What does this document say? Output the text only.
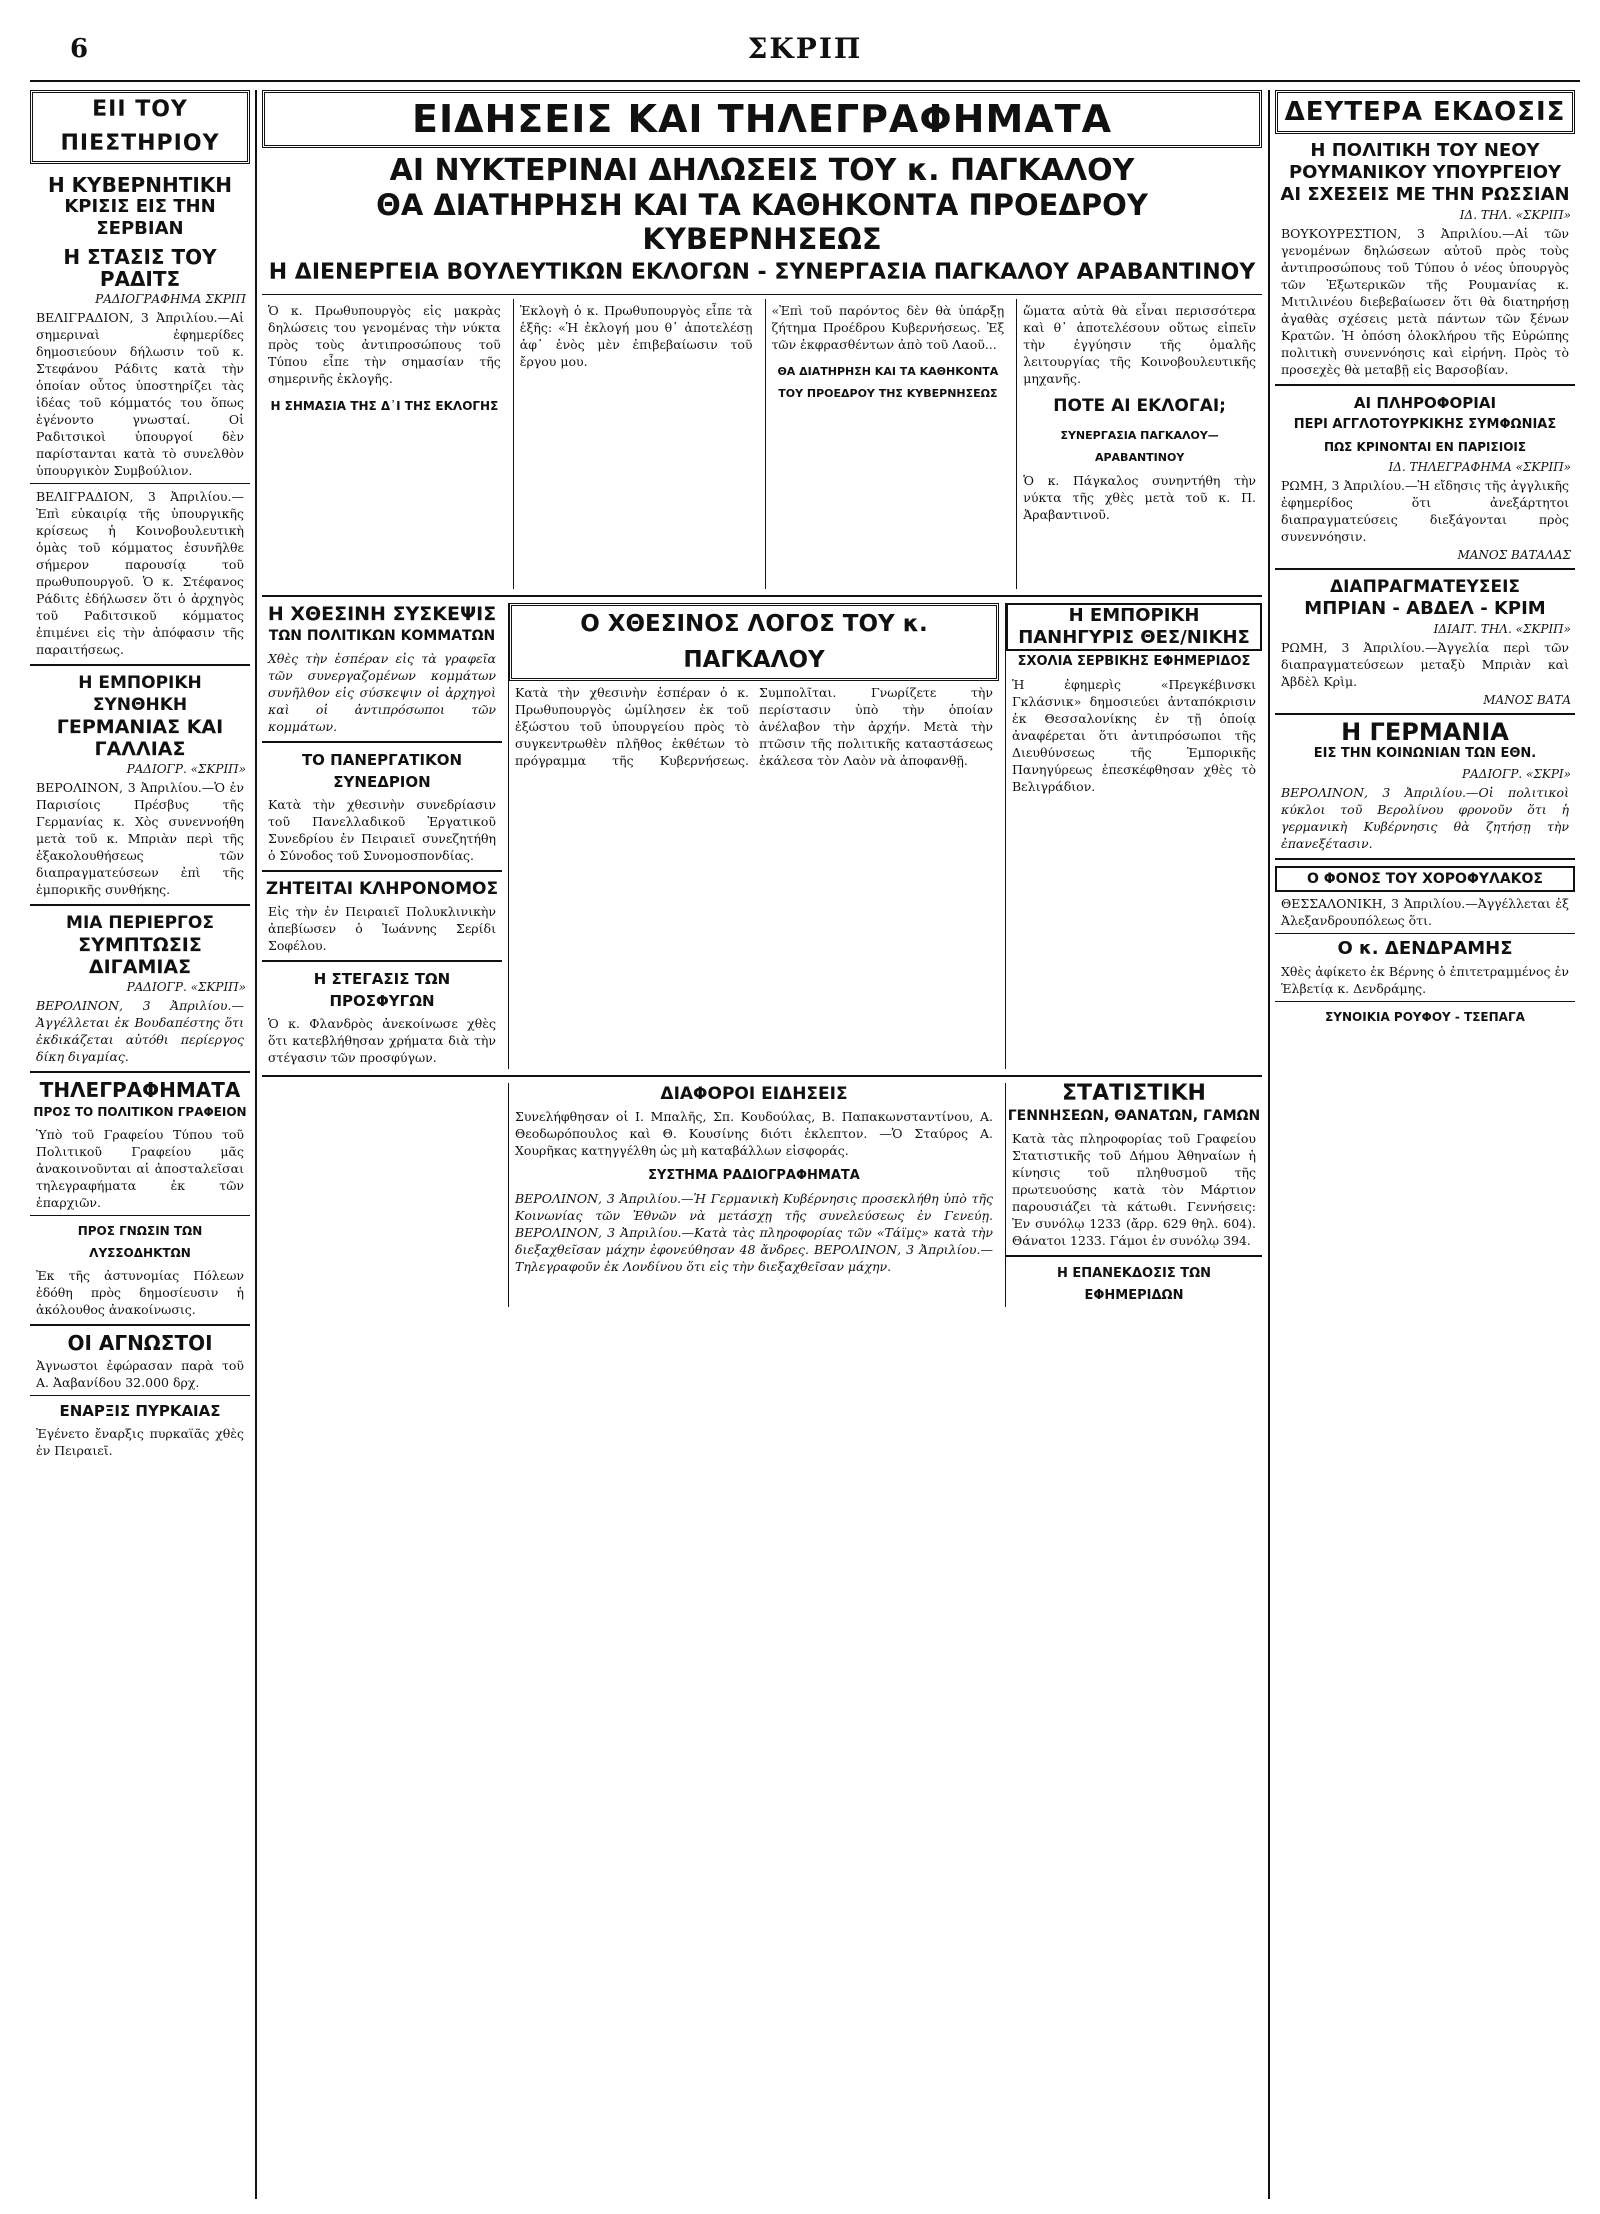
6	ΣΚΡΙΠ
ΕΙΙ ΤΟΥ ΠΙΕΣΤΗΡΙΟΥ
Η ΚΥΒΕΡΝΗΤΙΚΗ
ΚΡΙΣΙΣ ΕΙΣ ΤΗΝ ΣΕΡΒΙΑΝ
Η ΣΤΑΣΙΣ ΤΟΥ ΡΑΔΙΤΣ
ΡΑΔΙΟΓΡΑΦΗΜΑ ΣΚΡΙΠ
ΒΕΛΙΓΡΑΔΙΟΝ, 3 Ἀπριλίου.—Αἱ σημεριναὶ ἐφημερίδες δημοσιεύουν δήλωσιν τοῦ κ. Στεφάνου Ράδιτς κατὰ τὴν ὁποίαν οὗτος ὑποστηρίζει τὰς ἰδέας τοῦ κόμματός του ὅπως ἐγένοντο γνωσταί. Οἱ Ραδιτσικοὶ ὑπουργοί δὲν παρίστανται κατὰ τὸ συνελθὸν ὑπουργικὸν Συμβούλιον.
ΒΕΛΙΓΡΑΔΙΟΝ, 3 Ἀπριλίου.—Ἐπὶ εὐκαιρίᾳ τῆς ὑπουργικῆς κρίσεως ἡ Κοινοβουλευτικὴ ὁμὰς τοῦ κόμματος ἐσυνῆλθε σήμερον παρουσίᾳ τοῦ πρωθυπουργοῦ. Ὁ κ. Στέφανος Ράδιτς ἐδήλωσεν ὅτι ὁ ἀρχηγὸς τοῦ Ραδιτσικοῦ κόμματος ἐπιμένει εἰς τὴν ἀπόφασιν τῆς παραιτήσεως.
Η ΕΜΠΟΡΙΚΗ ΣΥΝΘΗΚΗ
ΓΕΡΜΑΝΙΑΣ ΚΑΙ ΓΑΛΛΙΑΣ
ΡΑΔΙΟΓΡ. «ΣΚΡΙΠ»
ΒΕΡΟΛΙΝΟΝ, 3 Ἀπριλίου.—Ὁ ἐν Παρισίοις Πρέσβυς τῆς Γερμανίας κ. Χὸς συνεννοήθη μετὰ τοῦ κ. Μπριὰν περὶ τῆς ἐξακολουθήσεως τῶν διαπραγματεύσεων ἐπὶ τῆς ἐμπορικῆς συνθήκης.
ΜΙΑ ΠΕΡΙΕΡΓΟΣ
ΣΥΜΠΤΩΣΙΣ ΔΙΓΑΜΙΑΣ
ΡΑΔΙΟΓΡ. «ΣΚΡΙΠ»
ΒΕΡΟΛΙΝΟΝ, 3 Ἀπριλίου.—Ἀγγέλλεται ἐκ Βουδαπέστης ὅτι ἐκδικάζεται αὐτόθι περίεργος δίκη διγαμίας.
ΤΗΛΕΓΡΑΦΗΜΑΤΑ
ΠΡΟΣ ΤΟ ΠΟΛΙΤΙΚΟΝ ΓΡΑΦΕΙΟΝ
Ὑπὸ τοῦ Γραφείου Τύπου τοῦ Πολιτικοῦ Γραφείου μᾶς ἀνακοινοῦνται αἱ ἀποσταλεῖσαι τηλεγραφήματα ἐκ τῶν ἐπαρχιῶν.
ΠΡΟΣ ΓΝΩΣΙΝ ΤΩΝ ΛΥΣΣΟΔΗΚΤΩΝ
Ἐκ τῆς ἀστυνομίας Πόλεων ἐδόθη πρὸς δημοσίευσιν ἡ ἀκόλουθος ἀνακοίνωσις.
ΟΙ ΑΓΝΩΣΤΟΙ
Ἀγνωστοι ἐφώρασαν παρὰ τοῦ Α. Ἀαβανίδου 32.000 δρχ.
ΕΝΑΡΞΙΣ ΠΥΡΚΑΙΑΣ
Ἐγένετο ἔναρξις πυρκαϊᾶς χθὲς ἐν Πειραιεῖ.
ΕΙΔΗΣΕΙΣ ΚΑΙ ΤΗΛΕΓΡΑΦΗΜΑΤΑ
ΑΙ ΝΥΚΤΕΡΙΝΑΙ ΔΗΛΩΣΕΙΣ ΤΟΥ κ. ΠΑΓΚΑΛΟΥ
ΘΑ ΔΙΑΤΗΡΗΣΗ ΚΑΙ ΤΑ ΚΑΘΗΚΟΝΤΑ ΠΡΟΕΔΡΟΥ ΚΥΒΕΡΝΗΣΕΩΣ
Η ΔΙΕΝΕΡΓΕΙΑ ΒΟΥΛΕΥΤΙΚΩΝ ΕΚΛΟΓΩΝ - ΣΥΝΕΡΓΑΣΙΑ ΠΑΓΚΑΛΟΥ ΑΡΑΒΑΝΤΙΝΟΥ
Ὁ κ. Πρωθυπουργὸς εἰς μακρὰς δηλώσεις του γενομένας τὴν νύκτα πρὸς τοὺς ἀντιπροσώπους τοῦ Τύπου εἶπε τὴν σημασίαν τῆς σημερινῆς ἐκλογῆς.
Η ΣΗΜΑΣΙΑ ΤΗΣ Δ᾽Ι ΤΗΣ ΕΚΛΟΓΗΣ
Ἐκλογὴ ὁ κ. Πρωθυπουργὸς εἶπε τὰ ἑξῆς: «Ἡ ἐκλογή μου θ᾽ ἀποτελέσῃ ἀφ᾽ ἑνὸς μὲν ἐπιβεβαίωσιν τοῦ ἔργου μου.
«Ἐπὶ τοῦ παρόντος δὲν θὰ ὑπάρξῃ ζήτημα Προέδρου Κυβερνήσεως. Ἐξ τῶν ἐκφρασθέντων ἀπὸ τοῦ Λαοῦ...
ΘΑ ΔΙΑΤΗΡΗΣΗ ΚΑΙ ΤΑ ΚΑΘΗΚΟΝΤΑ ΤΟΥ ΠΡΟΕΔΡΟΥ ΤΗΣ ΚΥΒΕΡΝΗΣΕΩΣ
ὥματα αὐτὰ θὰ εἶναι περισσότερα καὶ θ᾽ ἀποτελέσουν οὕτως εἰπεῖν τὴν ἐγγύησιν τῆς ὁμαλῆς λειτουργίας τῆς Κοινοβουλευτικῆς μηχανῆς.
ΠΟΤΕ ΑΙ ΕΚΛΟΓΑΙ;
ΣΥΝΕΡΓΑΣΙΑ ΠΑΓΚΑΛΟΥ—ΑΡΑΒΑΝΤΙΝΟΥ
Ὁ κ. Πάγκαλος συνηντήθη τὴν νύκτα τῆς χθὲς μετὰ τοῦ κ. Π. Ἀραβαντινοῦ.
Η ΧΘΕΣΙΝΗ ΣΥΣΚΕΨΙΣ
ΤΩΝ ΠΟΛΙΤΙΚΩΝ ΚΟΜΜΑΤΩΝ
Χθὲς τὴν ἑσπέραν εἰς τὰ γραφεῖα τῶν συνεργαζομένων κομμάτων συνῆλθον εἰς σύσκεψιν οἱ ἀρχηγοὶ καὶ οἱ ἀντιπρόσωποι τῶν κομμάτων.
ΤΟ ΠΑΝΕΡΓΑΤΙΚΟΝ ΣΥΝΕΔΡΙΟΝ
Κατὰ τὴν χθεσινὴν συνεδρίασιν τοῦ Πανελλαδικοῦ Ἐργατικοῦ Συνεδρίου ἐν Πειραιεῖ συνεζητήθη ὁ Σύνοδος τοῦ Συνομοσπονδίας.
ΖΗΤΕΙΤΑΙ ΚΛΗΡΟΝΟΜΟΣ
Εἰς τὴν ἐν Πειραιεῖ Πολυκλινικὴν ἀπεβίωσεν ὁ Ἰωάννης Σερίδι Σοφέλου.
Η ΣΤΕΓΑΣΙΣ ΤΩΝ ΠΡΟΣΦΥΓΩΝ
Ὁ κ. Φλανδρὸς ἀνεκοίνωσε χθὲς ὅτι κατεβλήθησαν χρήματα διὰ τὴν στέγασιν τῶν προσφύγων.
Ο ΧΘΕΣΙΝΟΣ ΛΟΓΟΣ ΤΟΥ κ. ΠΑΓΚΑΛΟΥ
Κατὰ τὴν χθεσινὴν ἑσπέραν ὁ κ. Πρωθυπουργὸς ὡμίλησεν ἐκ τοῦ ἐξώστου τοῦ ὑπουργείου πρὸς τὸ συγκεντρωθὲν πλῆθος ἐκθέτων τὸ πρόγραμμα τῆς Κυβερνήσεως. Συμπολῖται. Γνωρίζετε τὴν περίστασιν ὑπὸ τὴν ὁποίαν ἀνέλαβον τὴν ἀρχήν. Μετὰ τὴν πτῶσιν τῆς πολιτικῆς καταστάσεως ἐκάλεσα τὸν Λαὸν νὰ ἀποφανθῇ.
Η ΕΜΠΟΡΙΚΗ ΠΑΝΗΓΥΡΙΣ ΘΕΣ/ΝΙΚΗΣ
ΣΧΟΛΙΑ ΣΕΡΒΙΚΗΣ ΕΦΗΜΕΡΙΔΟΣ
Ἡ ἐφημερὶς «Πρεγκέβινσκι Γκλάσνικ» δημοσιεύει ἀνταπόκρισιν ἐκ Θεσσαλονίκης ἐν τῇ ὁποίᾳ ἀναφέρεται ὅτι ἀντιπρόσωποι τῆς Διευθύνσεως τῆς Ἐμπορικῆς Πανηγύρεως ἐπεσκέφθησαν χθὲς τὸ Βελιγράδιον.
ΔΙΑΦΟΡΟΙ ΕΙΔΗΣΕΙΣ
Συνελήφθησαν οἱ Ι. Μπαλῆς, Σπ. Κουδούλας, Β. Παπακωνσταντίνου, Α. Θεοδωρόπουλος καὶ Θ. Κουσίνης διότι ἐκλεπτον. —Ὁ Σταύρος Α. Χουρῆκας κατηγγέλθη ὡς μὴ καταβάλλων εἰσφοράς.
ΣΥΣΤΗΜΑ ΡΑΔΙΟΓΡΑΦΗΜΑΤΑ
ΒΕΡΟΛΙΝΟΝ, 3 Ἀπριλίου.—Ἡ Γερμανικὴ Κυβέρνησις προσεκλήθη ὑπὸ τῆς Κοινωνίας τῶν Ἐθνῶν νὰ μετάσχῃ τῆς συνελεύσεως ἐν Γενεύῃ. ΒΕΡΟΛΙΝΟΝ, 3 Ἀπριλίου.—Κατὰ τὰς πληροφορίας τῶν «Τάϊμς» κατὰ τὴν διεξαχθεῖσαν μάχην ἐφονεύθησαν 48 ἄνδρες. ΒΕΡΟΛΙΝΟΝ, 3 Ἀπριλίου.—Τηλεγραφοῦν ἐκ Λονδίνου ὅτι εἰς τὴν διεξαχθεῖσαν μάχην.
ΣΤΑΤΙΣΤΙΚΗ
ΓΕΝΝΗΣΕΩΝ, ΘΑΝΑΤΩΝ, ΓΑΜΩΝ
Κατὰ τὰς πληροφορίας τοῦ Γραφείου Στατιστικῆς τοῦ Δήμου Ἀθηναίων ἡ κίνησις τοῦ πληθυσμοῦ τῆς πρωτευούσης κατὰ τὸν Μάρτιον παρουσιάζει τὰ κάτωθι. Γεννήσεις: Ἐν συνόλῳ 1233 (ἄρρ. 629 θηλ. 604). Θάνατοι 1233. Γάμοι ἐν συνόλῳ 394.
Η ΕΠΑΝΕΚΔΟΣΙΣ ΤΩΝ ΕΦΗΜΕΡΙΔΩΝ
ΔΕΥΤΕΡΑ ΕΚΔΟΣΙΣ
Η ΠΟΛΙΤΙΚΗ ΤΟΥ ΝΕΟΥ
ΡΟΥΜΑΝΙΚΟΥ ΥΠΟΥΡΓΕΙΟΥ
ΑΙ ΣΧΕΣΕΙΣ ΜΕ ΤΗΝ ΡΩΣΣΙΑΝ
ΙΔ. ΤΗΛ. «ΣΚΡΙΠ»
ΒΟΥΚΟΥΡΕΣΤΙΟΝ, 3 Ἀπριλίου.—Αἱ τῶν γενομένων δηλώσεων αὐτοῦ πρὸς τοὺς ἀντιπροσώπους τοῦ Τύπου ὁ νέος ὑπουργὸς τῶν Ἐξωτερικῶν τῆς Ρουμανίας κ. Μιτιλινέου διεβεβαίωσεν ὅτι θὰ διατηρήσῃ ἀγαθὰς σχέσεις μετὰ πάντων τῶν ξένων Κρατῶν. Ἡ ὁπόση ὁλοκλήρου τῆς Εὐρώπης πολιτικὴ συνεννόησις καὶ εἰρήνη. Πρὸς τὸ προσεχὲς θὰ μεταβῇ εἰς Βαρσοβίαν.
ΑΙ ΠΛΗΡΟΦΟΡΙΑΙ
ΠΕΡΙ ΑΓΓΛΟΤΟΥΡΚΙΚΗΣ ΣΥΜΦΩΝΙΑΣ
ΠΩΣ ΚΡΙΝΟΝΤΑΙ ΕΝ ΠΑΡΙΣΙΟΙΣ
ΙΔ. ΤΗΛΕΓΡΑΦΗΜΑ «ΣΚΡΙΠ»
ΡΩΜΗ, 3 Ἀπριλίου.—Ἡ εἴδησις τῆς ἀγγλικῆς ἐφημερίδος ὅτι ἀνεξάρτητοι διαπραγματεύσεις διεξάγονται πρὸς συνεννόησιν.
ΜΑΝΟΣ ΒΑΤΑΛΑΣ
ΔΙΑΠΡΑΓΜΑΤΕΥΣΕΙΣ
ΜΠΡΙΑΝ - ΑΒΔΕΛ - ΚΡΙΜ
ΙΔΙΑΙΤ. ΤΗΛ. «ΣΚΡΙΠ»
ΡΩΜΗ, 3 Ἀπριλίου.—Ἀγγελία περὶ τῶν διαπραγματεύσεων μεταξὺ Μπριὰν καὶ Ἀβδὲλ Κρὶμ.
ΜΑΝΟΣ ΒΑΤΑ
Η ΓΕΡΜΑΝΙΑ
ΕΙΣ ΤΗΝ ΚΟΙΝΩΝΙΑΝ ΤΩΝ ΕΘΝ.
ΡΑΔΙΟΓΡ. «ΣΚΡΙ»
ΒΕΡΟΛΙΝΟΝ, 3 Ἀπριλίου.—Οἱ πολιτικοὶ κύκλοι τοῦ Βερολίνου φρονοῦν ὅτι ἡ γερμανικὴ Κυβέρνησις θὰ ζητήσῃ τὴν ἐπανεξέτασιν.
Ο ΦΟΝΟΣ ΤΟΥ ΧΟΡΟΦΥΛΑΚΟΣ
ΘΕΣΣΑΛΟΝΙΚΗ, 3 Ἀπριλίου.—Ἀγγέλλεται ἐξ Ἀλεξανδρουπόλεως ὅτι.
Ο κ. ΔΕΝΔΡΑΜΗΣ
Χθὲς ἀφίκετο ἐκ Βέρνης ὁ ἐπιτετραμμένος ἐν Ἑλβετίᾳ κ. Δενδράμης.
ΣΥΝΟΙΚΙΑ ΡΟΥΦΟΥ - ΤΣΕΠΑΓΑ
